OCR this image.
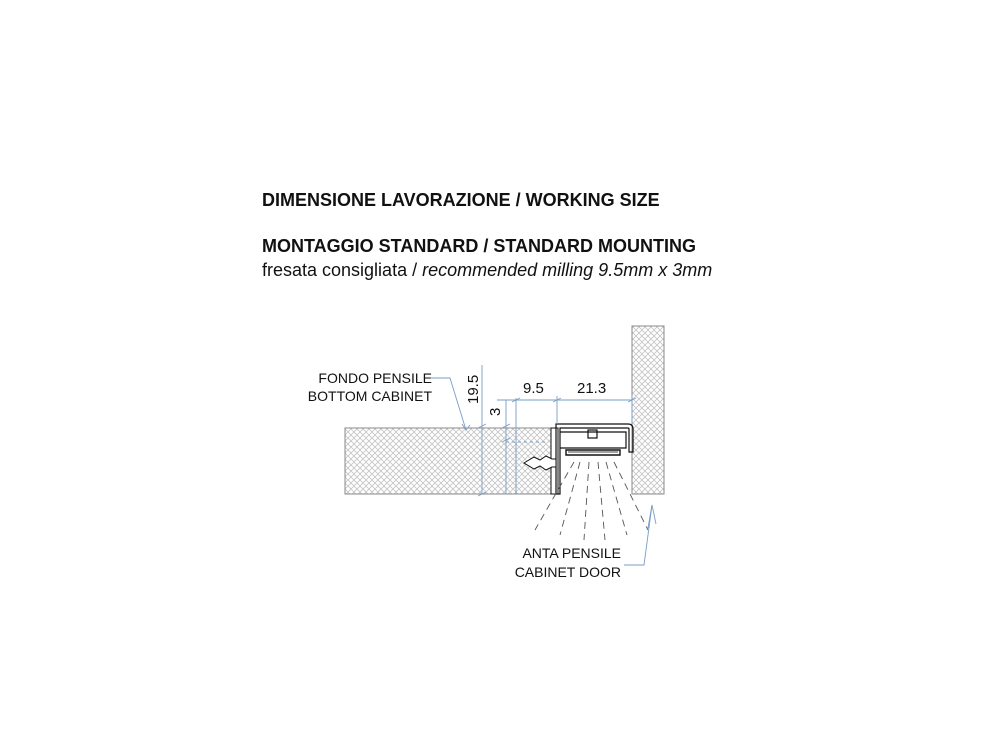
DIMENSIONE LAVORAZIONE / WORKING SIZE
MONTAGGIO STANDARD / STANDARD MOUNTING
fresata consigliata / recommended milling 9.5mm x 3mm
19.5
3
9.5 21.3
FONDO PENSILE
BOTTOM CABINET
ANTA PENSILE
CABINET DOOR
